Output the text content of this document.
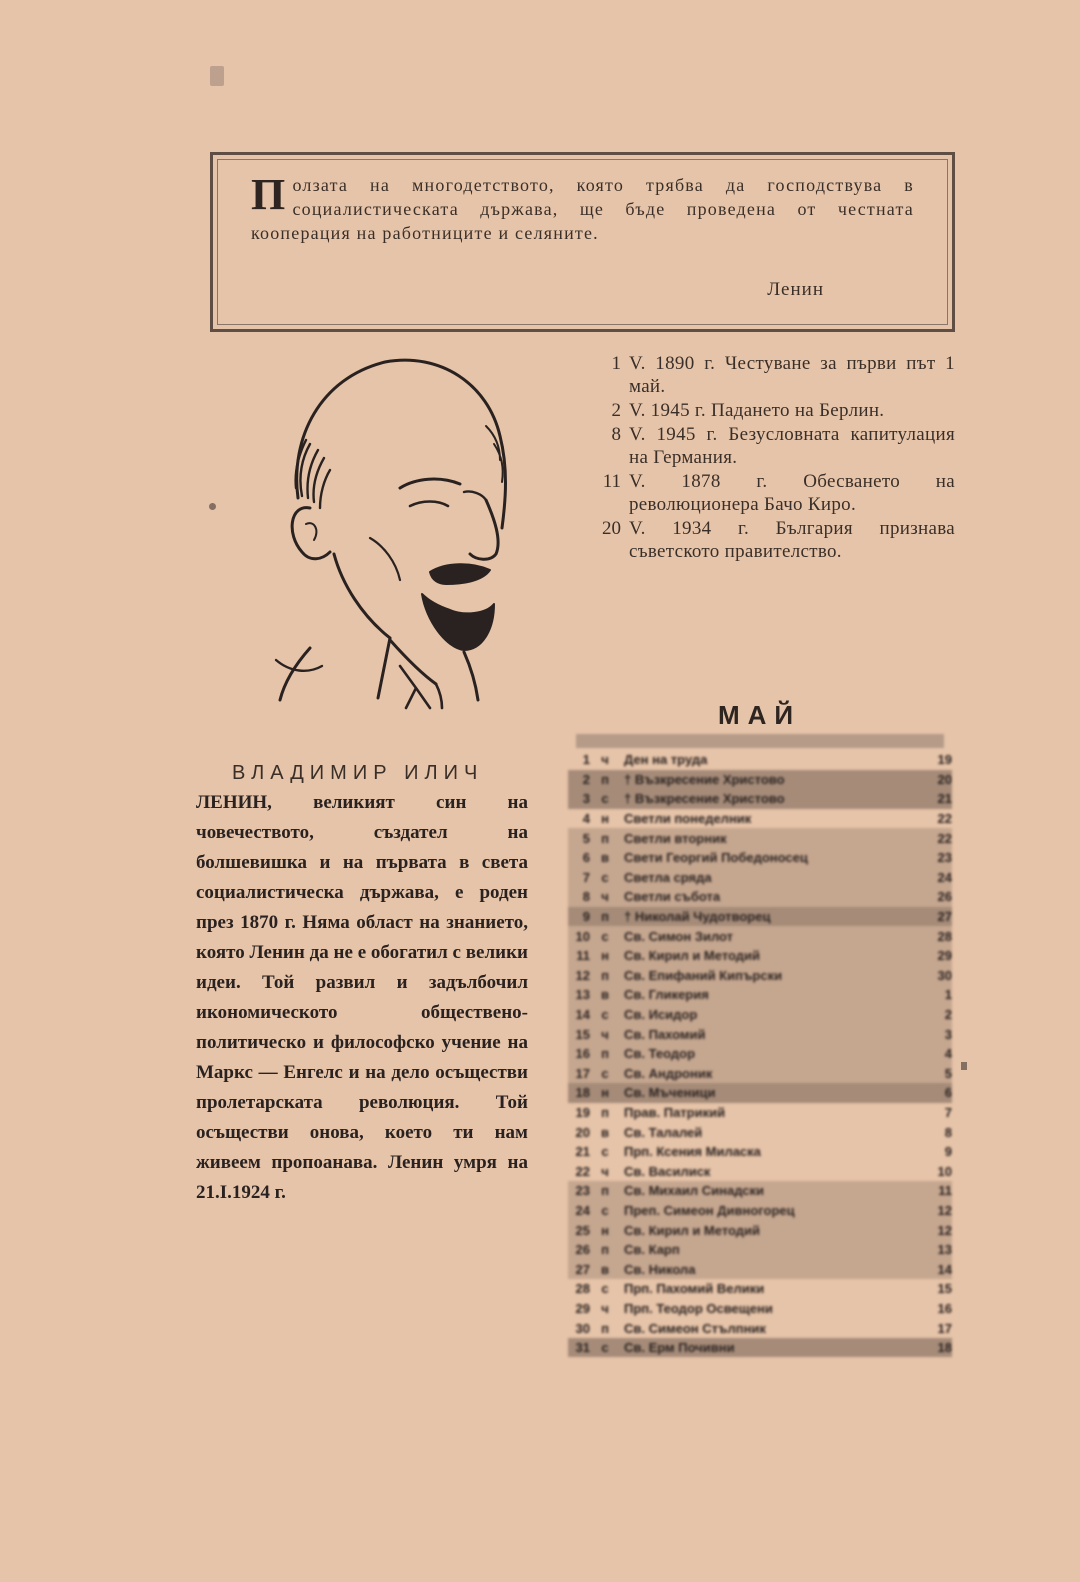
Ползата на многодетството, която трябва да господствува в социалистическата държава, ще бъде проведена от честната кооперация на работниците и селяните.

Ленин
1 V. 1890 г. Честуване за първи път 1 май.
2 V. 1945 г. Падането на Берлин.
8 V. 1945 г. Безусловната капитулация на Германия.
11 V. 1878 г. Обесването на революционера Бачо Киро.
20 V. 1934 г. България признава съветското правителство.
ВЛАДИМИР ИЛИЧ

ЛЕНИН, великият син на човечеството, създател на болшевишка и на първата в света социалистическа държава, е роден през 1870 г. Няма област на знанието, която Ленин да не е обогатил с велики идеи. Той развил и задълбочил икономическото обществено-политическо и философско учение на Маркс — Енгелс и на дело осъществи пролетарската революция. Той осъществи онова, което ти нам живеем пропоанава. Ленин умря на 21.I.1924 г.

МАЙ
1 ч	Ден на труда	19
2 п	† Възкресение Христово	20
3 с	† Възкресение Христово	21
4 н	Светли понеделник	22
5 п	Светли вторник	22
6 в	Свети Георгий Победоносец	23
7 с	Светла сряда	24
8 ч	Светли събота	26
9 п	† Николай Чудотворец	27
10 с	Св. Симон Зилот	28
11 н	Св. Кирил и Методий	29
12 п	Св. Епифаний Кипърски	30
13 в	Св. Гликерия	1
14 с	Св. Исидор	2
15 ч	Св. Пахомий	3
16 п	Св. Теодор	4
17 с	Св. Андроник	5
18 н	Св. Мъченици	6
19 п	Прав. Патрикий	7
20 в	Св. Талалей	8
21 с	Прп. Ксения Миласка	9
22 ч	Св. Василиск	10
23 п	Св. Михаил Синадски	11
24 с	Преп. Симеон Дивногорец	12
25 н	Св. Кирил и Методий	12
26 п	Св. Карп	13
27 в	Св. Никола	14
28 с	Прп. Пахомий Велики	15
29 ч	Прп. Теодор Освещени	16
30 п	Св. Симеон Стълпник	17
31 с	Св. Ерм Почивни	18
